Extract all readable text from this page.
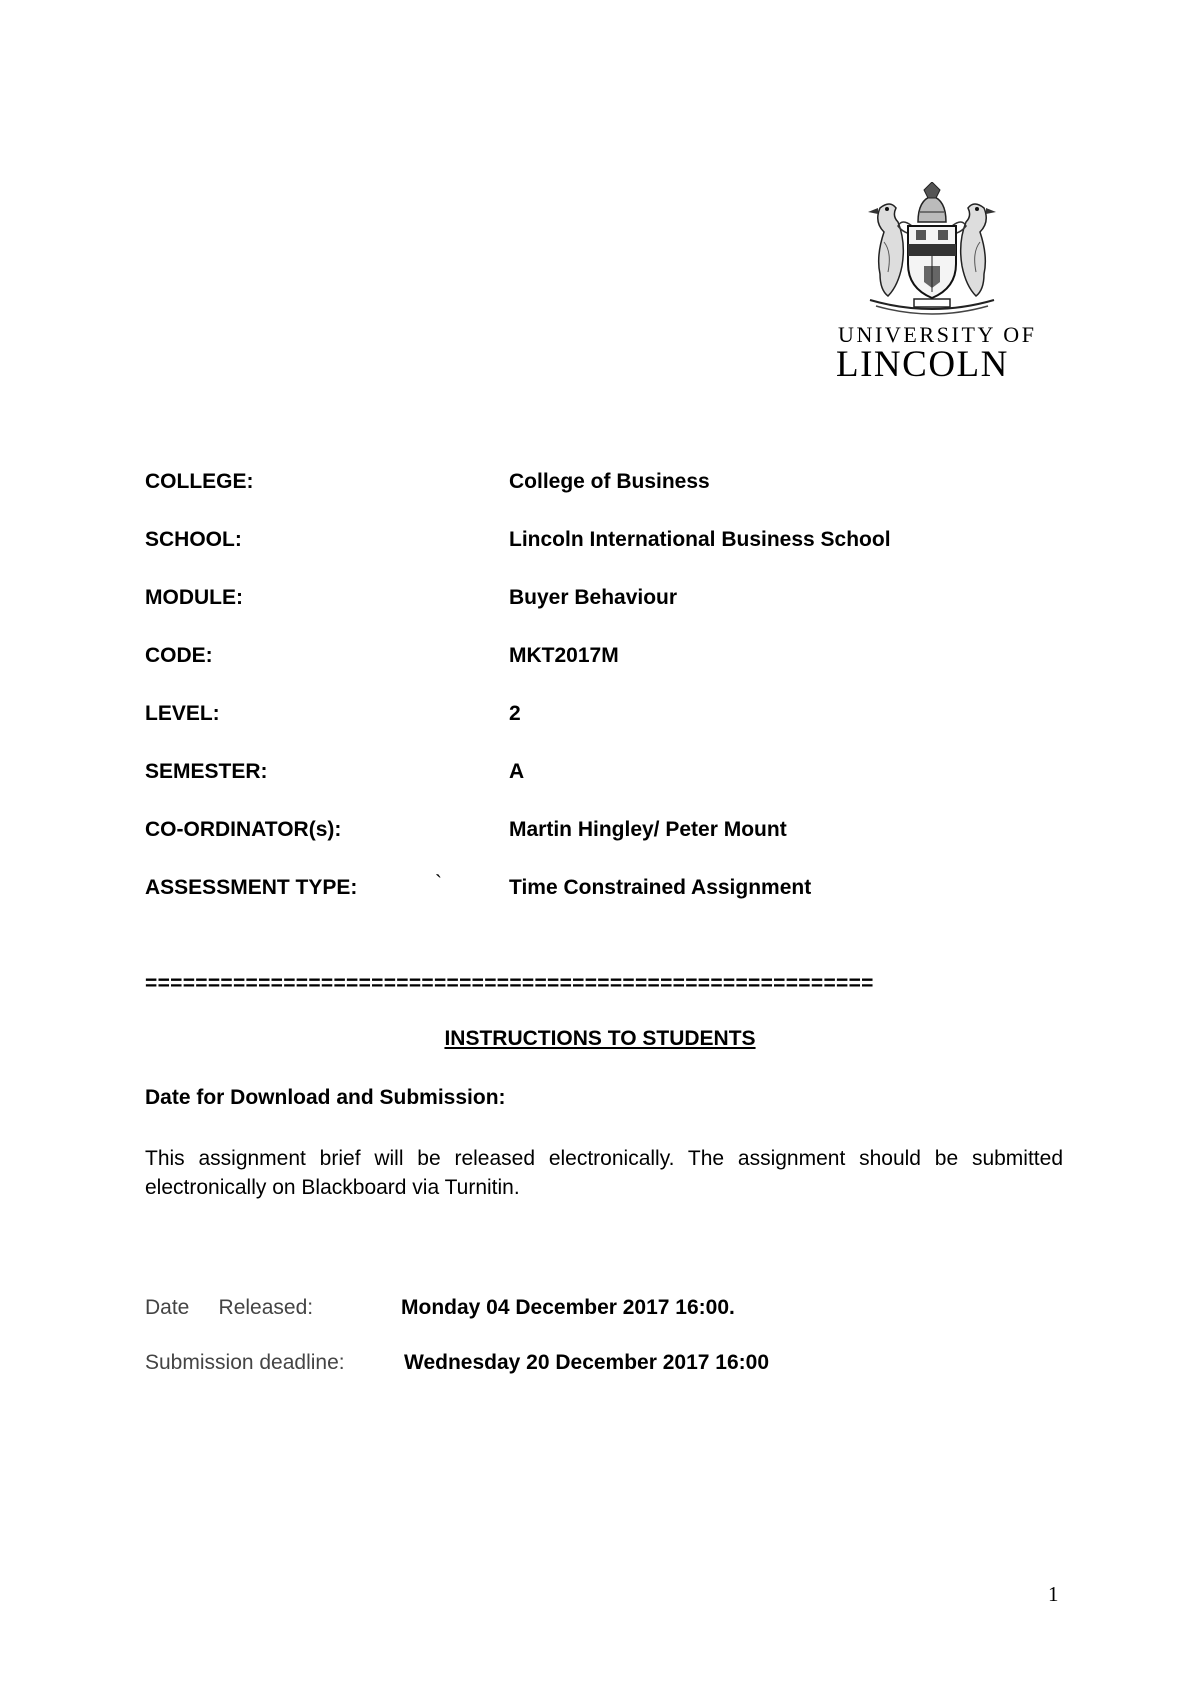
UNIVERSITY OF
LINCOLN
COLLEGE:	College of Business
SCHOOL:	Lincoln International Business School
MODULE:	Buyer Behaviour
CODE:	MKT2017M
LEVEL:	2
SEMESTER:	A
CO-ORDINATOR(s):	Martin Hingley/ Peter Mount
ASSESSMENT TYPE:	`	Time Constrained Assignment
==========================================================
INSTRUCTIONS TO STUDENTS
Date for Download and Submission:
This assignment brief will be released electronically. The assignment should be submitted electronically on Blackboard via Turnitin.
Date     Released:	Monday 04 December 2017 16:00.
Submission deadline:	Wednesday 20 December 2017 16:00
1
